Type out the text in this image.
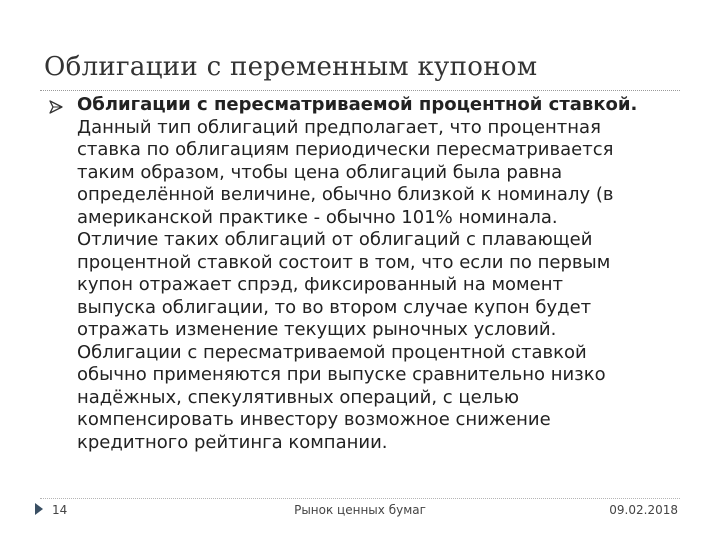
Облигации с переменным купоном
Облигации с пересматриваемой процентной ставкой.
Данный тип облигаций предполагает, что процентная
ставка по облигациям периодически пересматривается
таким образом, чтобы цена облигаций была равна
определённой величине, обычно близкой к номиналу (в
американской практике - обычно 101% номинала.
Отличие таких облигаций от облигаций с плавающей
процентной ставкой состоит в том, что если по первым
купон отражает спрэд, фиксированный на момент
выпуска облигации, то во втором случае купон будет
отражать изменение текущих рыночных условий.
Облигации с пересматриваемой процентной ставкой
обычно применяются при выпуске сравнительно низко
надёжных, спекулятивных операций, с целью
компенсировать инвестору возможное снижение
кредитного рейтинга компании.
14	Рынок ценных бумаг	09.02.2018
